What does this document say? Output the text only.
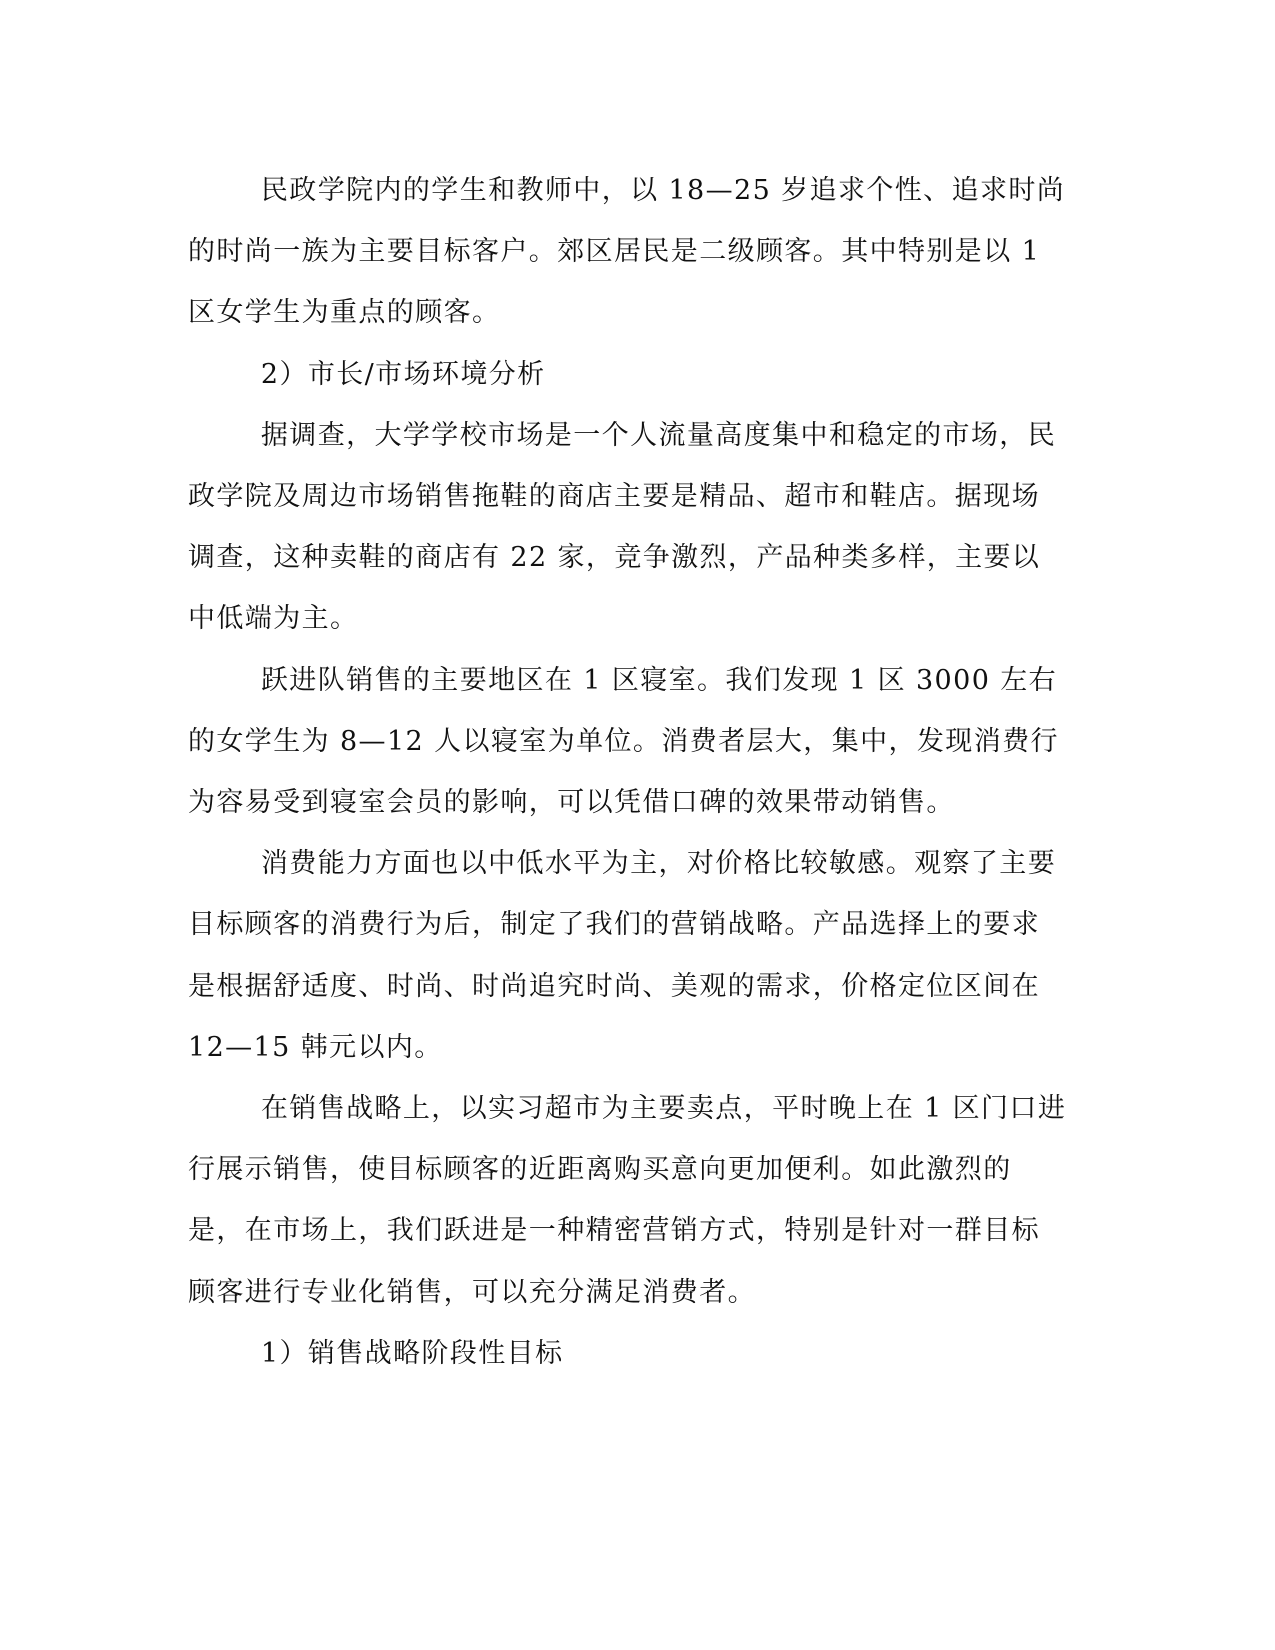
民政学院内的学生和教师中，以 18—25 岁追求个性、追求时尚的时尚一族为主要目标客户。郊区居民是二级顾客。其中特别是以 1 区女学生为重点的顾客。

2）市长/市场环境分析

据调查，大学学校市场是一个人流量高度集中和稳定的市场，民政学院及周边市场销售拖鞋的商店主要是精品、超市和鞋店。据现场调查，这种卖鞋的商店有 22 家，竞争激烈，产品种类多样，主要以中低端为主。

跃进队销售的主要地区在 1 区寝室。我们发现 1 区 3000 左右的女学生为 8—12 人以寝室为单位。消费者层大，集中，发现消费行为容易受到寝室会员的影响，可以凭借口碑的效果带动销售。

消费能力方面也以中低水平为主，对价格比较敏感。观察了主要目标顾客的消费行为后，制定了我们的营销战略。产品选择上的要求是根据舒适度、时尚、时尚追究时尚、美观的需求，价格定位区间在 12—15 韩元以内。

在销售战略上，以实习超市为主要卖点，平时晚上在 1 区门口进行展示销售，使目标顾客的近距离购买意向更加便利。如此激烈的是，在市场上，我们跃进是一种精密营销方式，特别是针对一群目标顾客进行专业化销售，可以充分满足消费者。

1）销售战略阶段性目标
